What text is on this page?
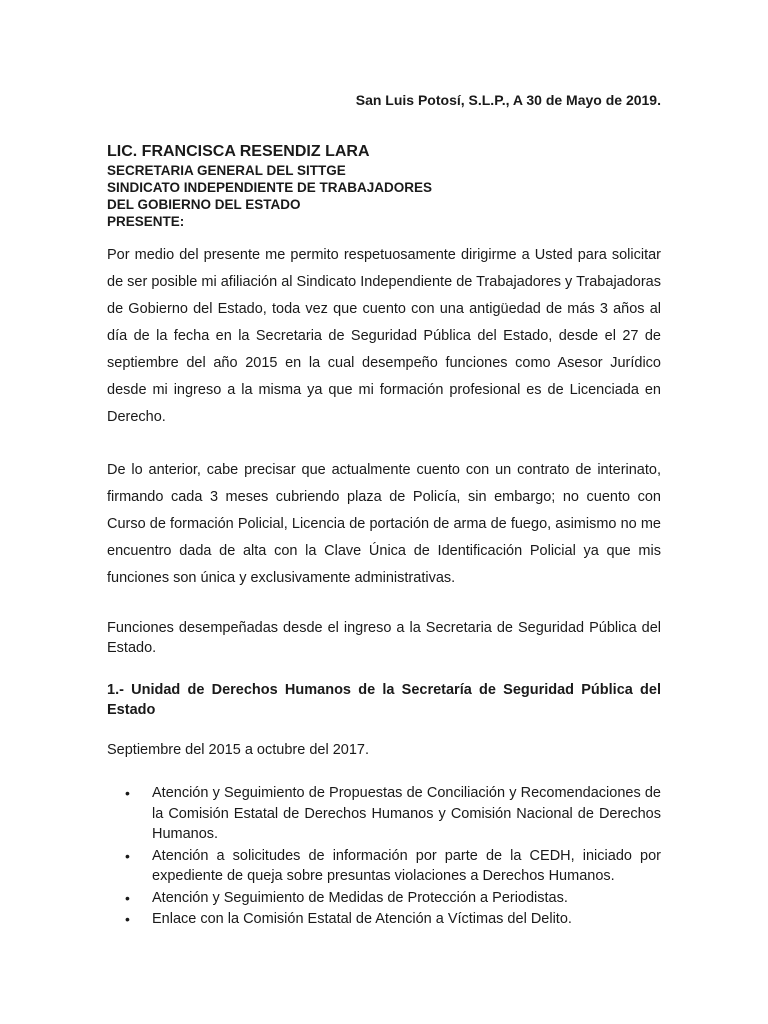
San Luis Potosí, S.L.P., A 30 de Mayo de 2019.
LIC. FRANCISCA RESENDIZ LARA
SECRETARIA GENERAL DEL SITTGE
SINDICATO INDEPENDIENTE DE TRABAJADORES
DEL GOBIERNO DEL ESTADO
PRESENTE:

Por medio del presente me permito respetuosamente dirigirme a Usted para solicitar de ser posible mi afiliación al Sindicato Independiente de Trabajadores y Trabajadoras de Gobierno del Estado, toda vez que cuento con una antigüedad de más 3 años al día de la fecha en la Secretaria de Seguridad Pública del Estado, desde el 27 de septiembre del año 2015 en la cual desempeño funciones como Asesor Jurídico desde mi ingreso a la misma ya que mi formación profesional es de Licenciada en Derecho.

De lo anterior, cabe precisar que actualmente cuento con un contrato de interinato, firmando cada 3 meses cubriendo plaza de Policía, sin embargo; no cuento con Curso de formación Policial, Licencia de portación de arma de fuego, asimismo no me encuentro dada de alta con la Clave Única de Identificación Policial ya que mis funciones son única y exclusivamente administrativas.

Funciones desempeñadas desde el ingreso a la Secretaria de Seguridad Pública del Estado.

1.- Unidad de Derechos Humanos de la Secretaría de Seguridad Pública del Estado

Septiembre del 2015 a octubre del 2017.
• Atención y Seguimiento de Propuestas de Conciliación y Recomendaciones de la Comisión Estatal de Derechos Humanos y Comisión Nacional de Derechos Humanos.
• Atención a solicitudes de información por parte de la CEDH, iniciado por expediente de queja sobre presuntas violaciones a Derechos Humanos.
• Atención y Seguimiento de Medidas de Protección a Periodistas.
• Enlace con la Comisión Estatal de Atención a Víctimas del Delito.
